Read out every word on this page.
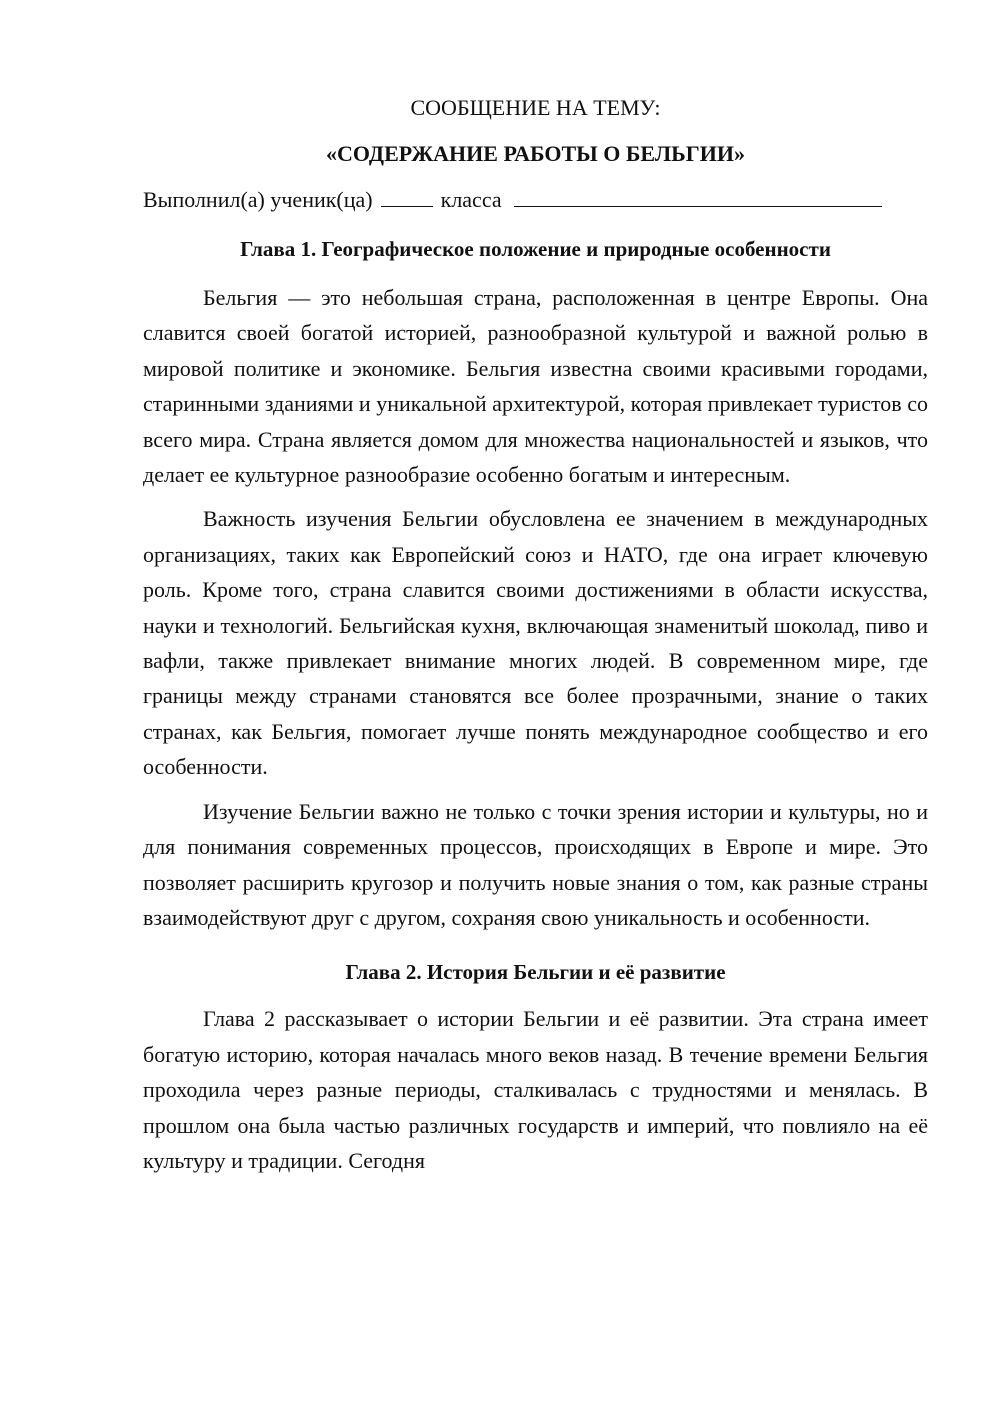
СООБЩЕНИЕ НА ТЕМУ:

«СОДЕРЖАНИЕ РАБОТЫ О БЕЛЬГИИ»

Выполнил(а) ученик(ца)	класса

Глава 1. Географическое положение и природные особенности

Бельгия — это небольшая страна, расположенная в центре Европы. Она славится своей богатой историей, разнообразной культурой и важной ролью в мировой политике и экономике. Бельгия известна своими красивыми городами, старинными зданиями и уникальной архитектурой, которая привлекает туристов со всего мира. Страна является домом для множества национальностей и языков, что делает ее культурное разнообразие особенно богатым и интересным.

Важность изучения Бельгии обусловлена ее значением в международных организациях, таких как Европейский союз и НАТО, где она играет ключевую роль. Кроме того, страна славится своими достижениями в области искусства, науки и технологий. Бельгийская кухня, включающая знаменитый шоколад, пиво и вафли, также привлекает внимание многих людей. В современном мире, где границы между странами становятся все более прозрачными, знание о таких странах, как Бельгия, помогает лучше понять международное сообщество и его особенности.

Изучение Бельгии важно не только с точки зрения истории и культуры, но и для понимания современных процессов, происходящих в Европе и мире. Это позволяет расширить кругозор и получить новые знания о том, как разные страны взаимодействуют друг с другом, сохраняя свою уникальность и особенности.

Глава 2. История Бельгии и её развитие

Глава 2 рассказывает о истории Бельгии и её развитии. Эта страна имеет богатую историю, которая началась много веков назад. В течение времени Бельгия проходила через разные периоды, сталкивалась с трудностями и менялась. В прошлом она была частью различных государств и империй, что повлияло на её культуру и традиции. Сегодня
